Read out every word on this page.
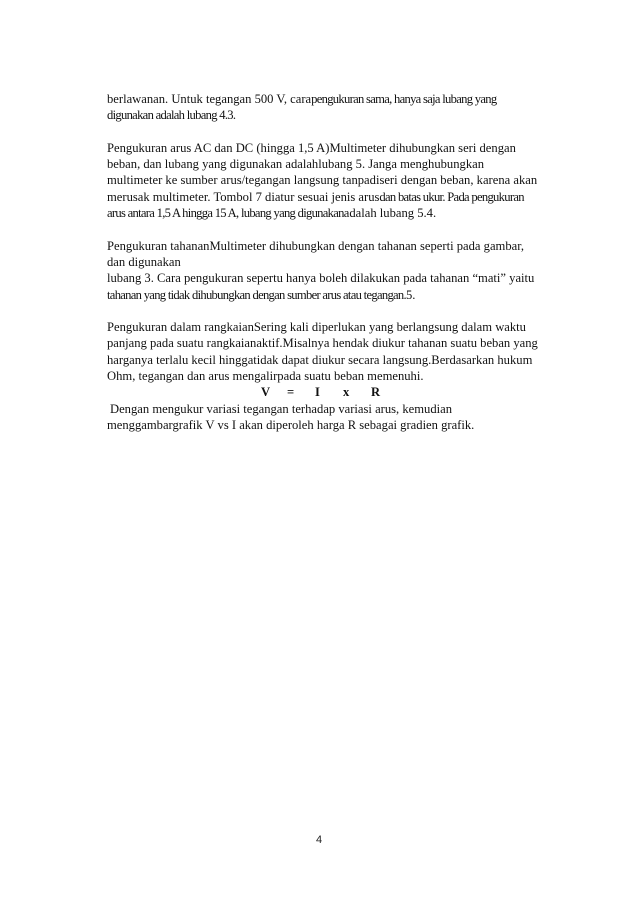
berlawanan. Untuk tegangan 500 V, carapengukuran sama, hanya saja lubang yang
digunakan adalah lubang 4.3.
Pengukuran arus AC dan DC (hingga 1,5 A)Multimeter dihubungkan seri dengan
beban, dan lubang yang digunakan adalahlubang 5. Janga menghubungkan
multimeter ke sumber arus/tegangan langsung tanpadiseri dengan beban, karena akan
merusak multimeter. Tombol 7 diatur sesuai jenis arusdan batas ukur. Pada pengukuran
arus antara 1,5 A hingga 15 A, lubang yang digunakanadalah lubang 5.4.
Pengukuran tahananMultimeter dihubungkan dengan tahanan seperti pada gambar,
dan digunakan
lubang 3. Cara pengukuran sepertu hanya boleh dilakukan pada tahanan “mati” yaitu
tahanan yang tidak dihubungkan dengan sumber arus atau tegangan.5.
Pengukuran dalam rangkaianSering kali diperlukan yang berlangsung dalam waktu
panjang pada suatu rangkaianaktif.Misalnya hendak diukur tahanan suatu beban yang
harganya terlalu kecil hinggatidak dapat diukur secara langsung.Berdasarkan hukum
Ohm, tegangan dan arus mengalirpada suatu beban memenuhi.
V = I x R
Dengan mengukur variasi tegangan terhadap variasi arus, kemudian
menggambargrafik V vs I akan diperoleh harga R sebagai gradien grafik.
4
